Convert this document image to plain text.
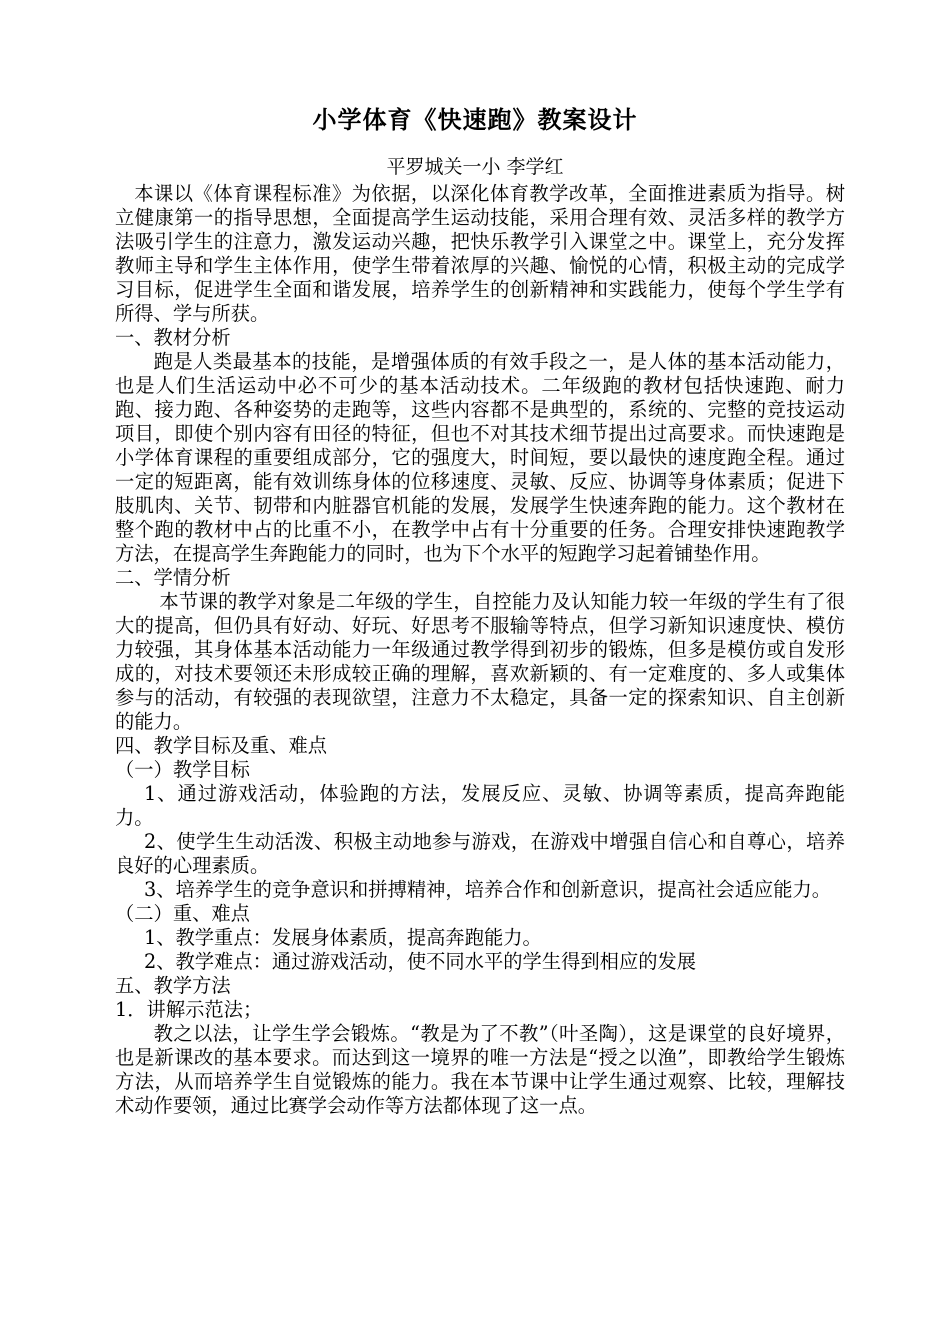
小学体育《快速跑》教案设计
平罗城关一小 李学红

本课以《体育课程标准》为依据，以深化体育教学改革，全面推进素质为指导。树立健康第一的指导思想，全面提高学生运动技能，采用合理有效、灵活多样的教学方法吸引学生的注意力，激发运动兴趣，把快乐教学引入课堂之中。课堂上，充分发挥教师主导和学生主体作用，使学生带着浓厚的兴趣、愉悦的心情，积极主动的完成学习目标，促进学生全面和谐发展，培养学生的创新精神和实践能力，使每个学生学有所得、学与所获。

一、教材分析

跑是人类最基本的技能，是增强体质的有效手段之一，是人体的基本活动能力，也是人们生活运动中必不可少的基本活动技术。二年级跑的教材包括快速跑、耐力跑、接力跑、各种姿势的走跑等，这些内容都不是典型的，系统的、完整的竞技运动项目，即使个别内容有田径的特征，但也不对其技术细节提出过高要求。而快速跑是小学体育课程的重要组成部分，它的强度大，时间短，要以最快的速度跑全程。通过一定的短距离，能有效训练身体的位移速度、灵敏、反应、协调等身体素质；促进下肢肌肉、关节、韧带和内脏器官机能的发展，发展学生快速奔跑的能力。这个教材在整个跑的教材中占的比重不小，在教学中占有十分重要的任务。合理安排快速跑教学方法，在提高学生奔跑能力的同时，也为下个水平的短跑学习起着铺垫作用。

二、学情分析

本节课的教学对象是二年级的学生，自控能力及认知能力较一年级的学生有了很大的提高，但仍具有好动、好玩、好思考不服输等特点，但学习新知识速度快、模仿力较强，其身体基本活动能力一年级通过教学得到初步的锻炼，但多是模仿或自发形成的，对技术要领还未形成较正确的理解，喜欢新颖的、有一定难度的、多人或集体参与的活动，有较强的表现欲望，注意力不太稳定，具备一定的探索知识、自主创新的能力。

四、教学目标及重、难点

（一）教学目标

1、通过游戏活动，体验跑的方法，发展反应、灵敏、协调等素质，提高奔跑能力。

2、使学生生动活泼、积极主动地参与游戏，在游戏中增强自信心和自尊心，培养良好的心理素质。

3、培养学生的竞争意识和拼搏精神，培养合作和创新意识，提高社会适应能力。

（二）重、难点

1、教学重点：发展身体素质，提高奔跑能力。

2、教学难点：通过游戏活动，使不同水平的学生得到相应的发展

五、教学方法

1．讲解示范法；

教之以法，让学生学会锻炼。“教是为了不教”（叶圣陶），这是课堂的良好境界，也是新课改的基本要求。而达到这一境界的唯一方法是“授之以渔”，即教给学生锻炼方法，从而培养学生自觉锻炼的能力。我在本节课中让学生通过观察、比较，理解技术动作要领，通过比赛学会动作等方法都体现了这一点。
